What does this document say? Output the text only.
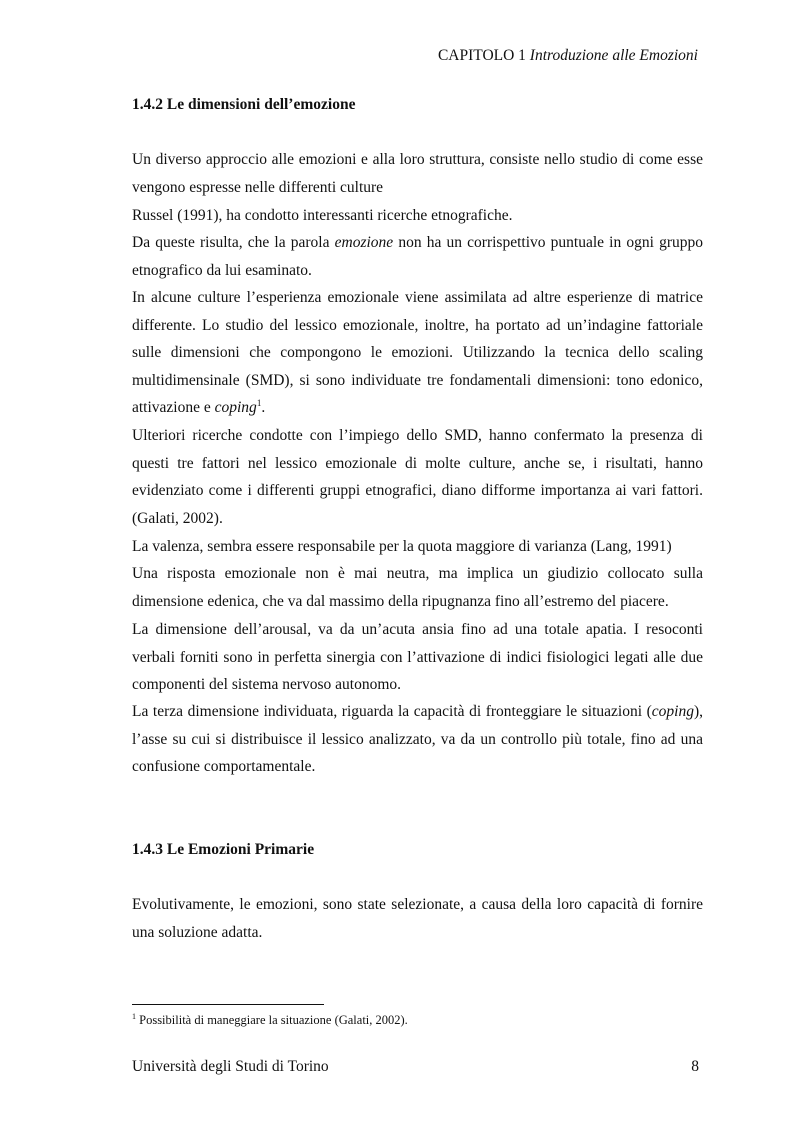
CAPITOLO 1 Introduzione alle Emozioni
1.4.2 Le dimensioni dell’emozione

Un diverso approccio alle emozioni e alla loro struttura, consiste nello studio di come esse vengono espresse nelle differenti culture

Russel (1991), ha condotto interessanti ricerche etnografiche.

Da queste risulta, che la parola emozione non ha un corrispettivo puntuale in ogni gruppo etnografico da lui esaminato.

In alcune culture l’esperienza emozionale viene assimilata ad altre esperienze di matrice differente. Lo studio del lessico emozionale, inoltre, ha portato ad un’indagine fattoriale sulle dimensioni che compongono le emozioni. Utilizzando la tecnica dello scaling multidimensinale (SMD), si sono individuate tre fondamentali dimensioni: tono edonico, attivazione e coping$^1$.

Ulteriori ricerche condotte con l’impiego dello SMD, hanno confermato la presenza di questi tre fattori nel lessico emozionale di molte culture, anche se, i risultati, hanno evidenziato come i differenti gruppi etnografici, diano difforme importanza ai vari fattori. (Galati, 2002).

La valenza, sembra essere responsabile per la quota maggiore di varianza (Lang, 1991)

Una risposta emozionale non è mai neutra, ma implica un giudizio collocato sulla dimensione edenica, che va dal massimo della ripugnanza fino all’estremo del piacere.

La dimensione dell’arousal, va da un’acuta ansia fino ad una totale apatia. I resoconti verbali forniti sono in perfetta sinergia con l’attivazione di indici fisiologici legati alle due componenti del sistema nervoso autonomo.

La terza dimensione individuata, riguarda la capacità di fronteggiare le situazioni (coping), l’asse su cui si distribuisce il lessico analizzato, va da un controllo più totale, fino ad una confusione comportamentale.

1.4.3 Le Emozioni Primarie

Evolutivamente, le emozioni, sono state selezionate, a causa della loro capacità di fornire una soluzione adatta.

$^1$ Possibilità di maneggiare la situazione (Galati, 2002).
Università degli Studi di Torino	8
